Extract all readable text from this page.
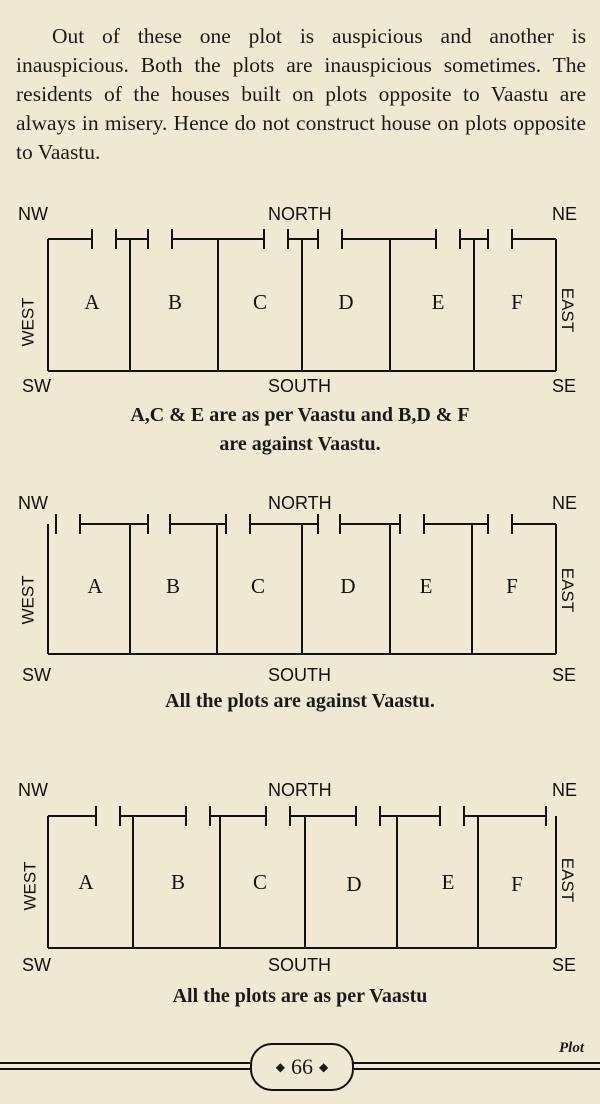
Out of these one plot is auspicious and another is inauspicious. Both the plots are inauspicious sometimes. The residents of the houses built on plots opposite to Vaastu are always in misery. Hence do not construct house on plots opposite to Vaastu.
NW	NORTH	NE
SW	SOUTH	SE
WEST	EAST
A	B	C	D	E	F
A,C & E are as per Vaastu and B,D & F
are against Vaastu.
NW	NORTH	NE
SW	SOUTH	SE
WEST	EAST
A	B	C	D	E	F
All the plots are against Vaastu.
NW	NORTH	NE
SW	SOUTH	SE
WEST	EAST
A	B	C	D	E	F
All the plots are as per Vaastu
◆ 66 ◆
Plot
